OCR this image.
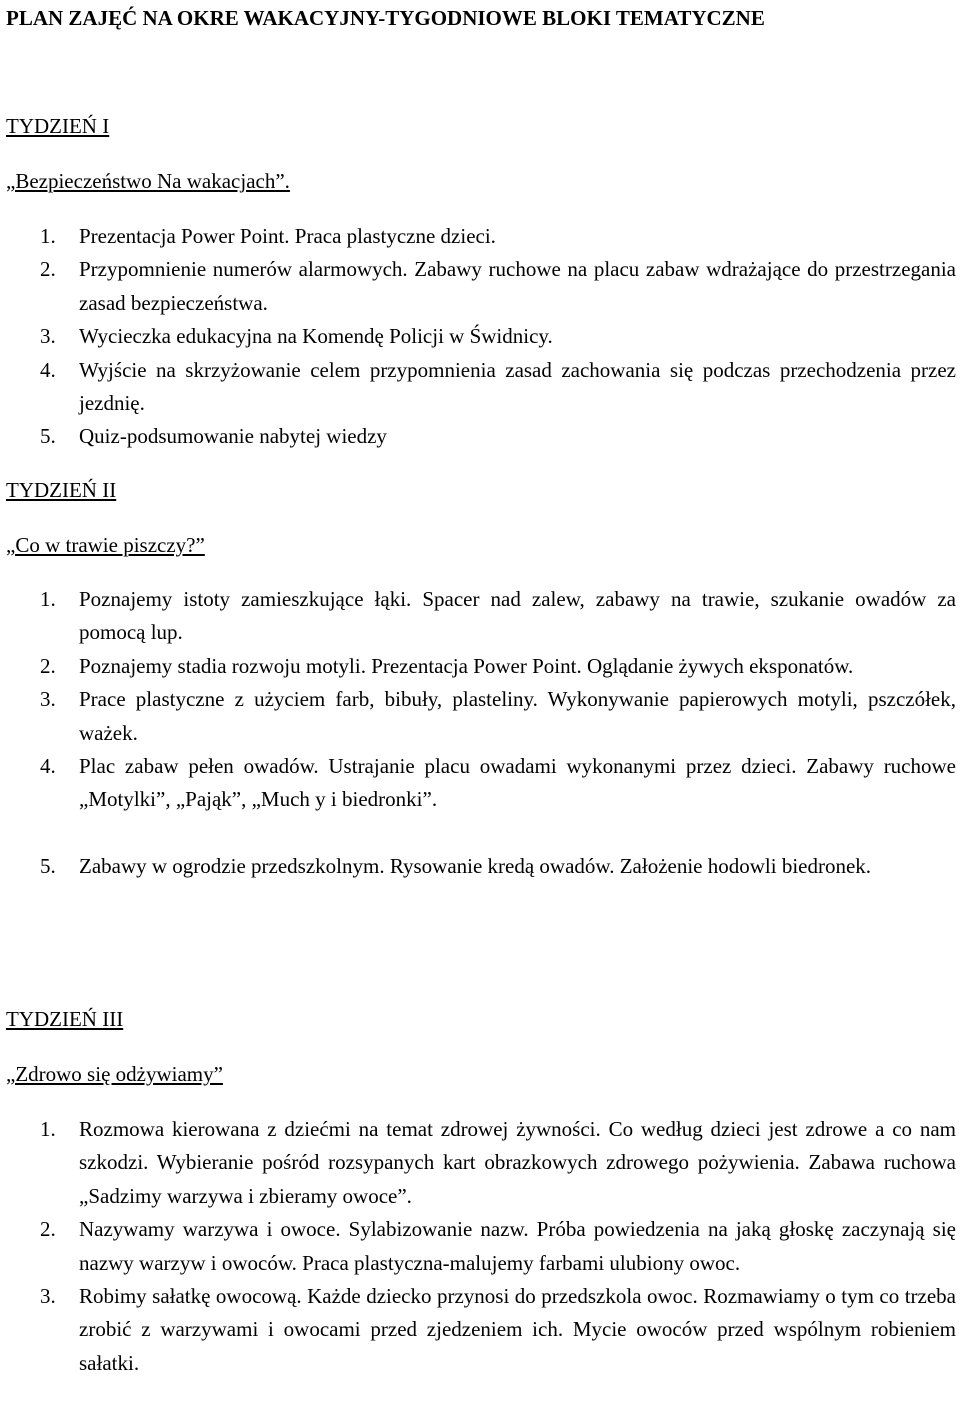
PLAN ZAJĘĆ NA OKRE WAKACYJNY-TYGODNIOWE BLOKI TEMATYCZNE
TYDZIEŃ I

„Bezpieczeństwo Na wakacjach”.

1. Prezentacja Power Point. Praca plastyczne dzieci.
2. Przypomnienie numerów alarmowych. Zabawy ruchowe na placu zabaw wdrażające do przestrzegania zasad bezpieczeństwa.
3. Wycieczka edukacyjna na Komendę Policji w Świdnicy.
4. Wyjście na skrzyżowanie celem przypomnienia zasad zachowania się podczas przechodzenia przez jezdnię.
5. Quiz-podsumowanie nabytej wiedzy
TYDZIEŃ II

„Co w trawie piszczy?”

1. Poznajemy istoty zamieszkujące łąki. Spacer nad zalew, zabawy na trawie, szukanie owadów za pomocą lup.
2. Poznajemy stadia rozwoju motyli. Prezentacja Power Point. Oglądanie żywych eksponatów.
3. Prace plastyczne z użyciem farb, bibuły, plasteliny. Wykonywanie papierowych motyli, pszczółek, ważek.
4. Plac zabaw pełen owadów. Ustrajanie placu owadami wykonanymi przez dzieci. Zabawy ruchowe „Motylki”, „Pająk”, „Much y i biedronki”.
5. Zabawy w ogrodzie przedszkolnym. Rysowanie kredą owadów. Założenie hodowli biedronek.
TYDZIEŃ III

„Zdrowo się odżywiamy”

1. Rozmowa kierowana z dziećmi na temat zdrowej żywności. Co według dzieci jest zdrowe a co nam szkodzi. Wybieranie pośród rozsypanych kart obrazkowych zdrowego pożywienia. Zabawa ruchowa „Sadzimy warzywa i zbieramy owoce”.
2. Nazywamy warzywa i owoce. Sylabizowanie nazw. Próba powiedzenia na jaką głoskę zaczynają się nazwy warzyw i owoców. Praca plastyczna-malujemy farbami ulubiony owoc.
3. Robimy sałatkę owocową. Każde dziecko przynosi do przedszkola owoc. Rozmawiamy o tym co trzeba zrobić z warzywami i owocami przed zjedzeniem ich. Mycie owoców przed wspólnym robieniem sałatki.
